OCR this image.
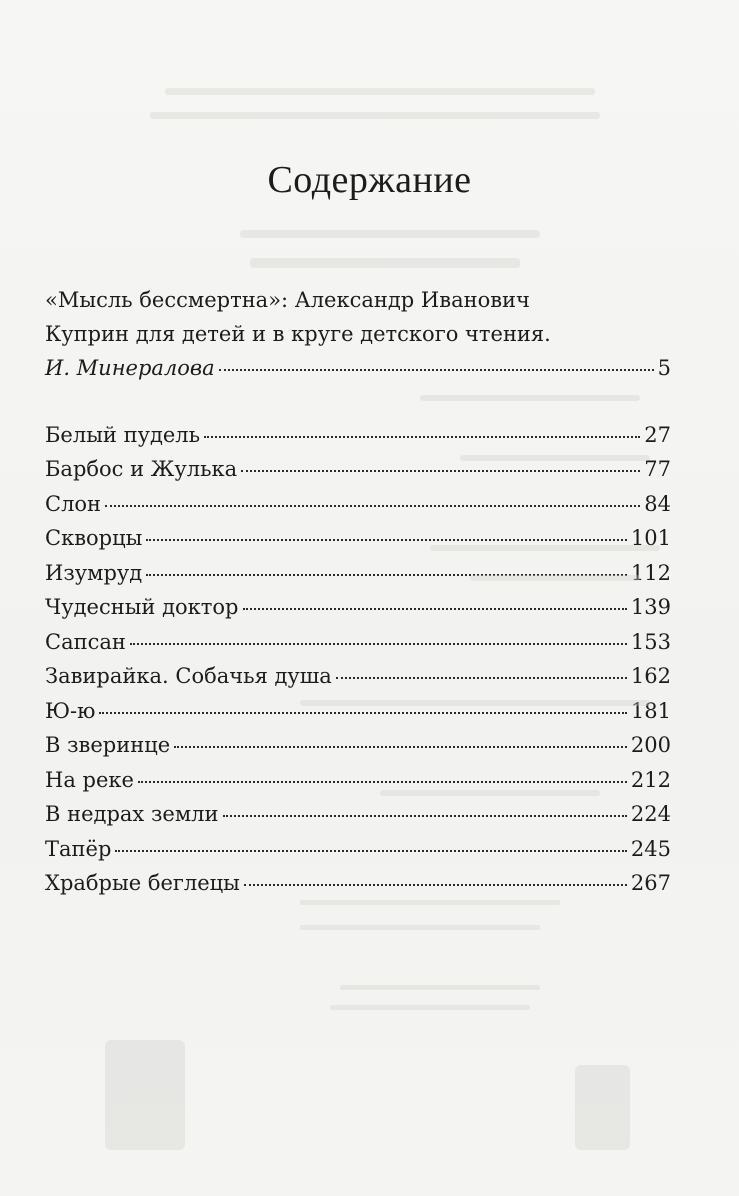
Содержание
«Мысль бессмертна»: Александр Иванович
Куприн для детей и в круге детского чтения.
И. Минералова	5
Белый пудель	27
Барбос и Жулька	77
Слон	84
Скворцы	101
Изумруд	112
Чудесный доктор	139
Сапсан	153
Завирайка. Собачья душа	162
Ю-ю	181
В зверинце	200
На реке	212
В недрах земли	224
Тапёр	245
Храбрые беглецы	267
